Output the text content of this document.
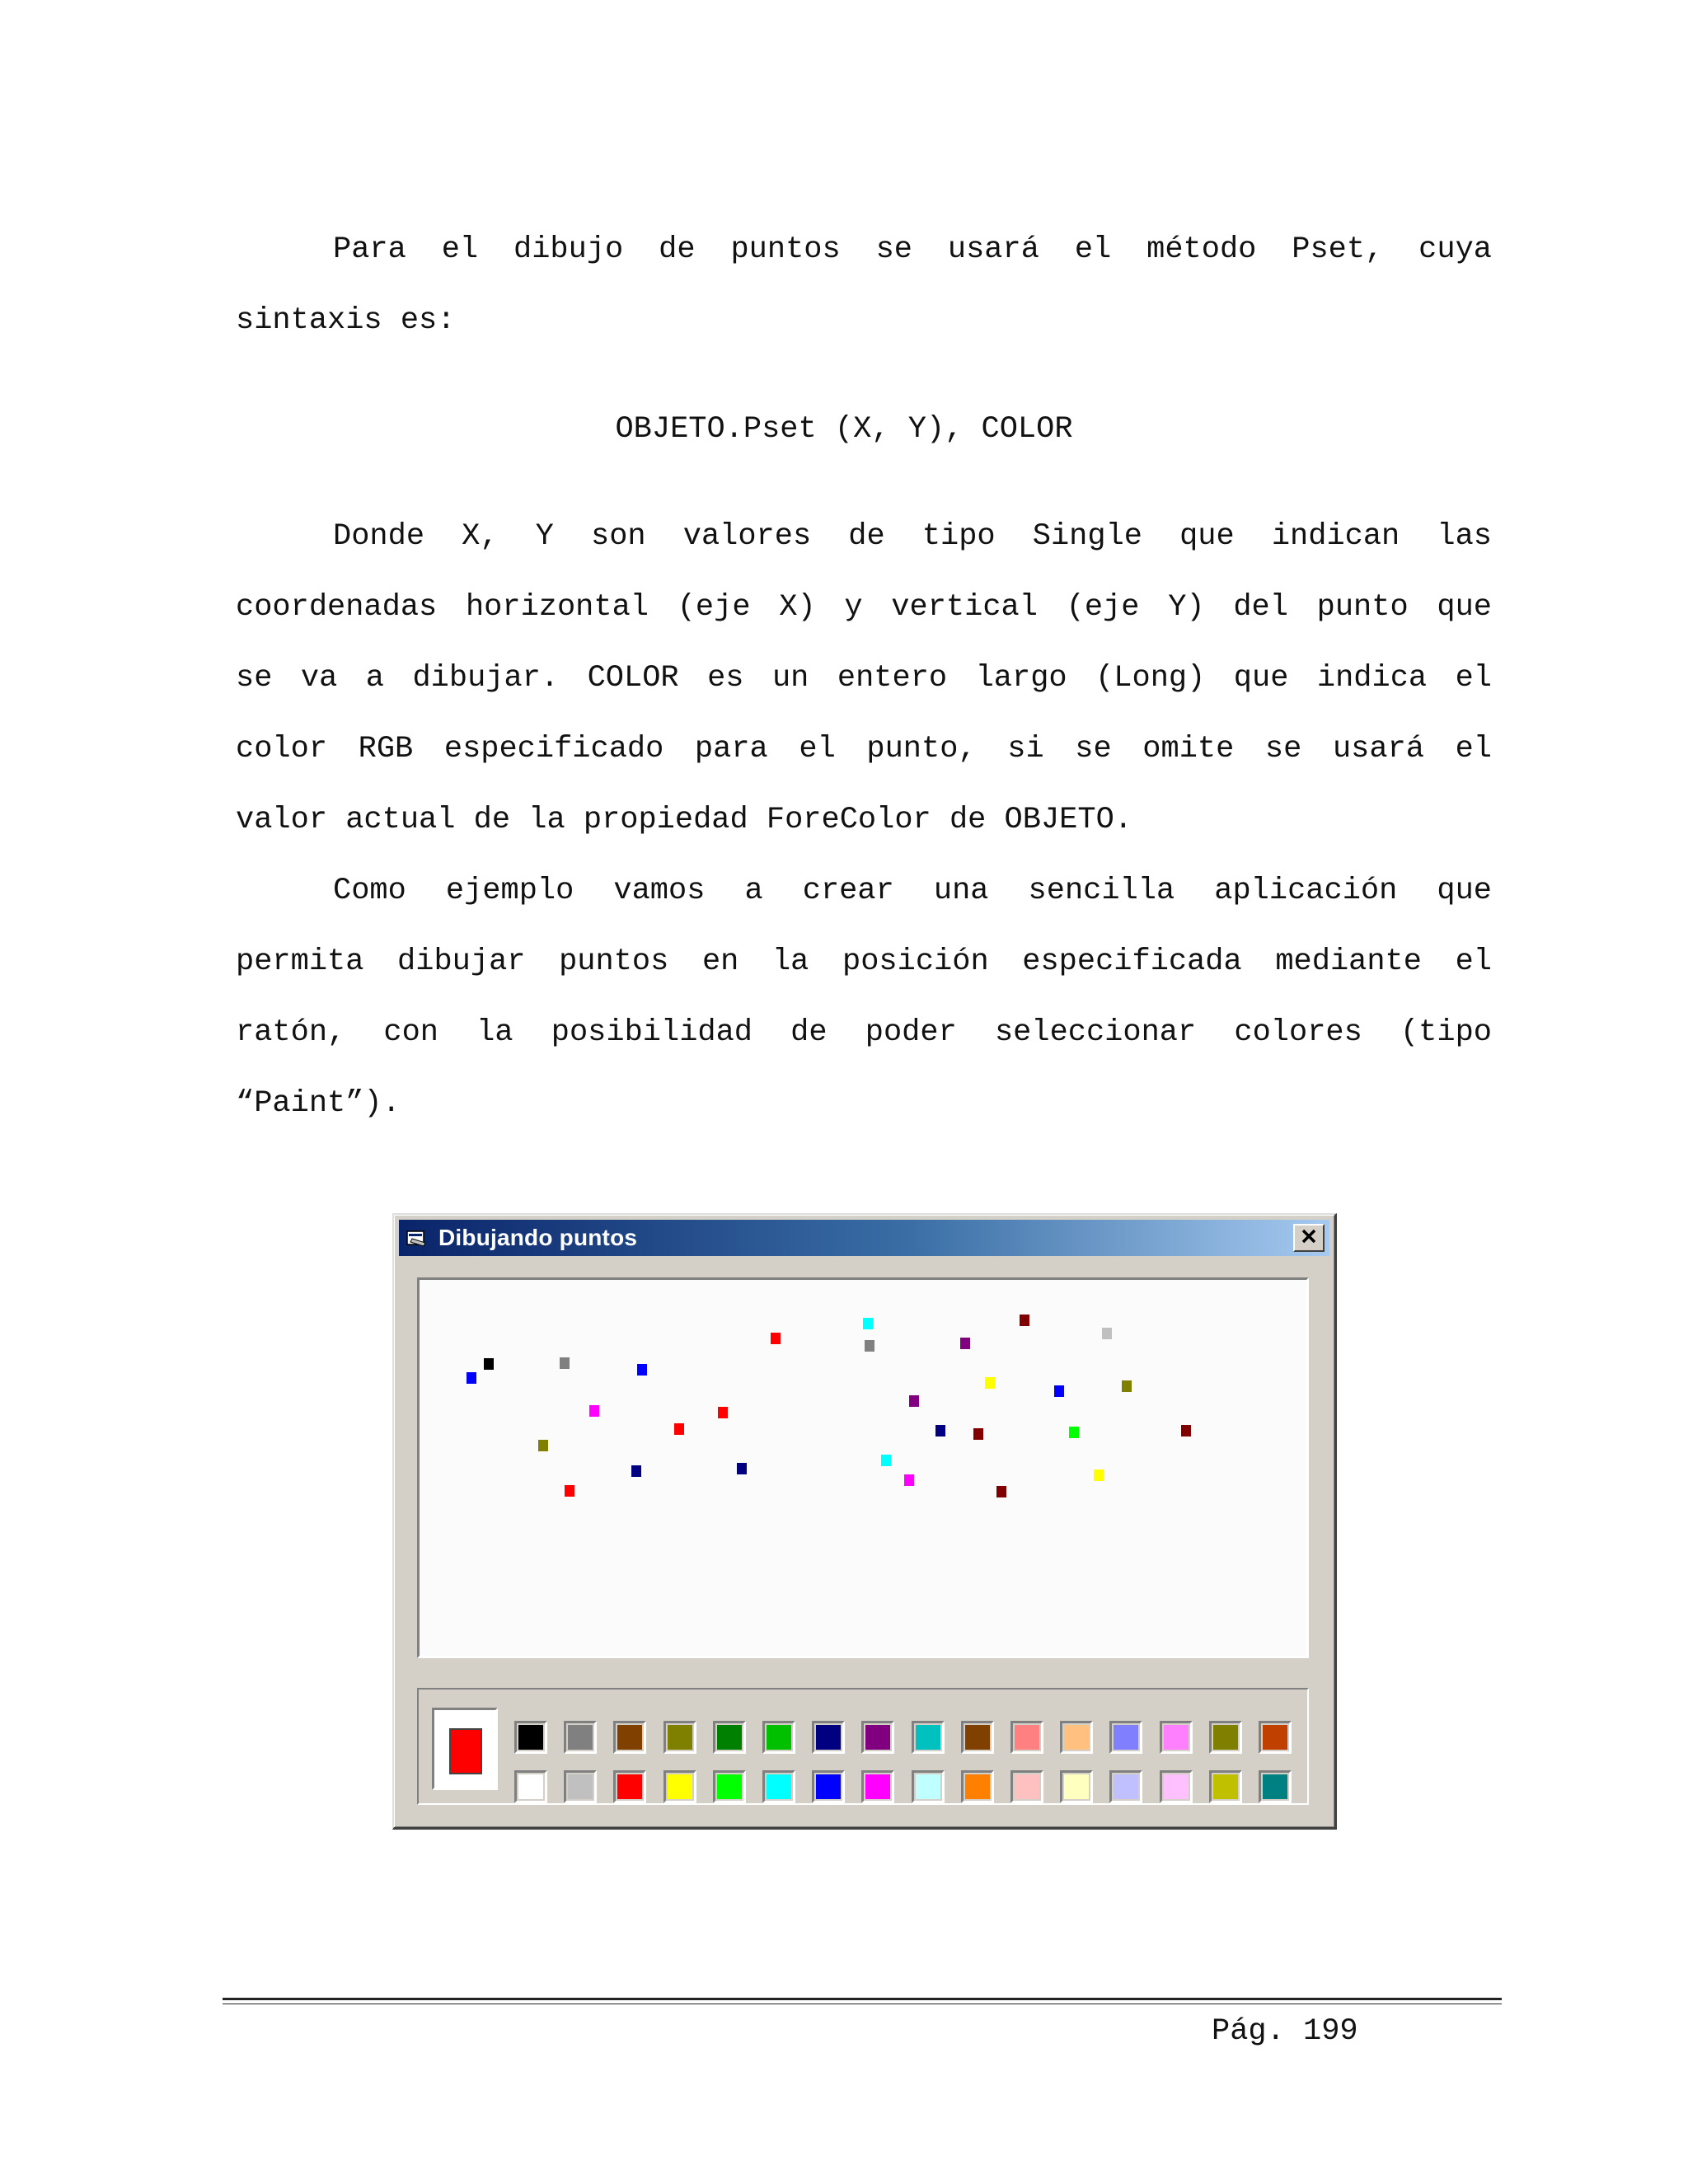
Para el dibujo de puntos se usará el método Pset, cuya

sintaxis es:

OBJETO.Pset (X, Y), COLOR

Donde X, Y son valores de tipo Single que indican las

coordenadas horizontal (eje X) y vertical (eje Y) del punto que

se va a dibujar. COLOR es un entero largo (Long) que indica el

color RGB especificado para el punto, si se omite se usará el

valor actual de la propiedad ForeColor de OBJETO.

Como ejemplo vamos a crear una sencilla aplicación que

permita dibujar puntos en la posición especificada mediante el

ratón, con la posibilidad de poder seleccionar colores (tipo

“Paint”).

Dibujando puntos

Pág. 199
